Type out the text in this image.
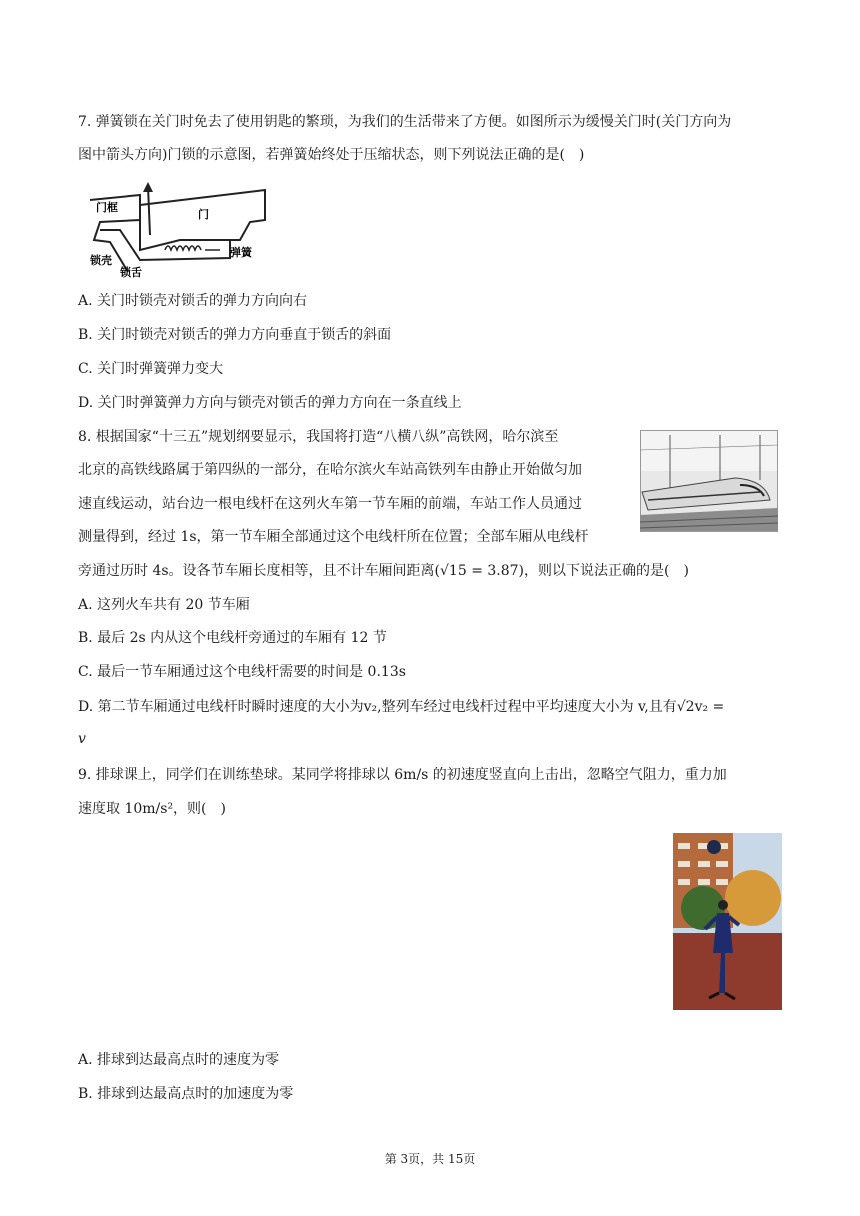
7. 弹簧锁在关门时免去了使用钥匙的繁琐，为我们的生活带来了方便。如图所示为缓慢关门时(关门方向为
图中箭头方向)门锁的示意图，若弹簧始终处于压缩状态，则下列说法正确的是(　)
门框
门
弹簧
锁壳
锁舌
A. 关门时锁壳对锁舌的弹力方向向右
B. 关门时锁壳对锁舌的弹力方向垂直于锁舌的斜面
C. 关门时弹簧弹力变大
D. 关门时弹簧弹力方向与锁壳对锁舌的弹力方向在一条直线上
8. 根据国家“十三五”规划纲要显示，我国将打造“八横八纵”高铁网，哈尔滨至
北京的高铁线路属于第四纵的一部分，在哈尔滨火车站高铁列车由静止开始做匀加
速直线运动，站台边一根电线杆在这列火车第一节车厢的前端，车站工作人员通过
测量得到，经过 1s，第一节车厢全部通过这个电线杆所在位置；全部车厢从电线杆
旁通过历时 4s。设各节车厢长度相等，且不计车厢间距离(√15 = 3.87)，则以下说法正确的是(　)
A. 这列火车共有 20 节车厢
B. 最后 2s 内从这个电线杆旁通过的车厢有 12 节
C. 最后一节车厢通过这个电线杆需要的时间是 0.13s
D. 第二节车厢通过电线杆时瞬时速度的大小为v₂,整列车经过电线杆过程中平均速度大小为 v,且有√2v₂ =
v
9. 排球课上，同学们在训练垫球。某同学将排球以 6m/s 的初速度竖直向上击出，忽略空气阻力，重力加
速度取 10m/s²，则(　)
A. 排球到达最高点时的速度为零
B. 排球到达最高点时的加速度为零
第 3页，共 15页
